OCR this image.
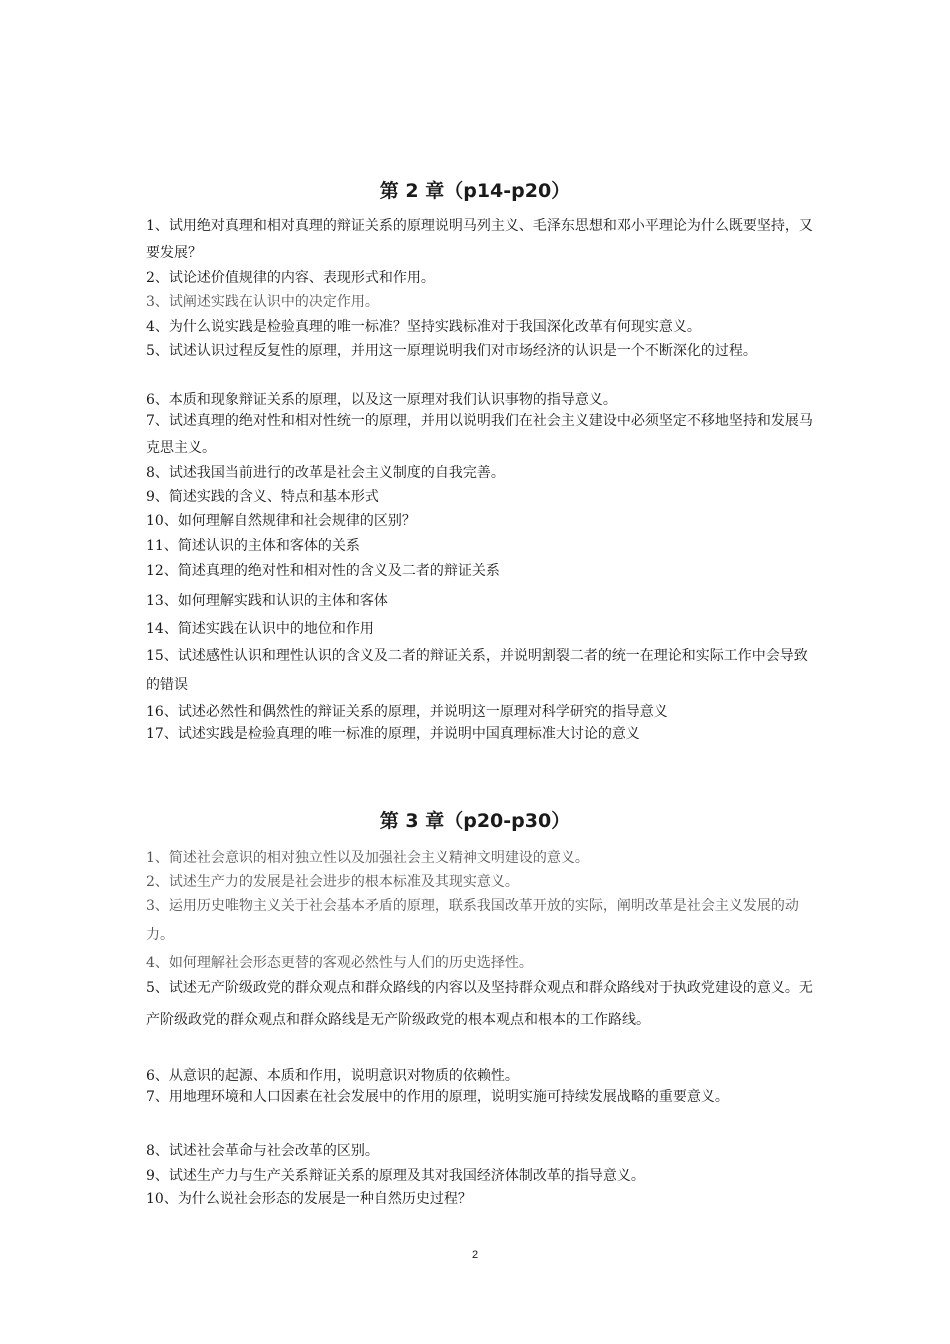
第 2 章（p14-p20）
1、试用绝对真理和相对真理的辩证关系的原理说明马列主义、毛泽东思想和邓小平理论为什么既要坚持，又要发展？
2、试论述价值规律的内容、表现形式和作用。
3、试阐述实践在认识中的决定作用。
4、为什么说实践是检验真理的唯一标准？坚持实践标准对于我国深化改革有何现实意义。
5、试述认识过程反复性的原理，并用这一原理说明我们对市场经济的认识是一个不断深化的过程。
6、本质和现象辩证关系的原理，以及这一原理对我们认识事物的指导意义。
7、试述真理的绝对性和相对性统一的原理，并用以说明我们在社会主义建设中必须坚定不移地坚持和发展马克思主义。
8、试述我国当前进行的改革是社会主义制度的自我完善。
9、简述实践的含义、特点和基本形式
10、如何理解自然规律和社会规律的区别？
11、简述认识的主体和客体的关系
12、简述真理的绝对性和相对性的含义及二者的辩证关系
13、如何理解实践和认识的主体和客体
14、简述实践在认识中的地位和作用
15、试述感性认识和理性认识的含义及二者的辩证关系，并说明割裂二者的统一在理论和实际工作中会导致的错误
16、试述必然性和偶然性的辩证关系的原理，并说明这一原理对科学研究的指导意义
17、试述实践是检验真理的唯一标准的原理，并说明中国真理标准大讨论的意义
第 3 章（p20-p30）
1、简述社会意识的相对独立性以及加强社会主义精神文明建设的意义。
2、试述生产力的发展是社会进步的根本标准及其现实意义。
3、运用历史唯物主义关于社会基本矛盾的原理，联系我国改革开放的实际，阐明改革是社会主义发展的动力。
4、如何理解社会形态更替的客观必然性与人们的历史选择性。
5、试述无产阶级政党的群众观点和群众路线的内容以及坚持群众观点和群众路线对于执政党建设的意义。无产阶级政党的群众观点和群众路线是无产阶级政党的根本观点和根本的工作路线。
6、从意识的起源、本质和作用，说明意识对物质的依赖性。
7、用地理环境和人口因素在社会发展中的作用的原理，说明实施可持续发展战略的重要意义。
8、试述社会革命与社会改革的区别。
9、试述生产力与生产关系辩证关系的原理及其对我国经济体制改革的指导意义。
10、为什么说社会形态的发展是一种自然历史过程？
2
